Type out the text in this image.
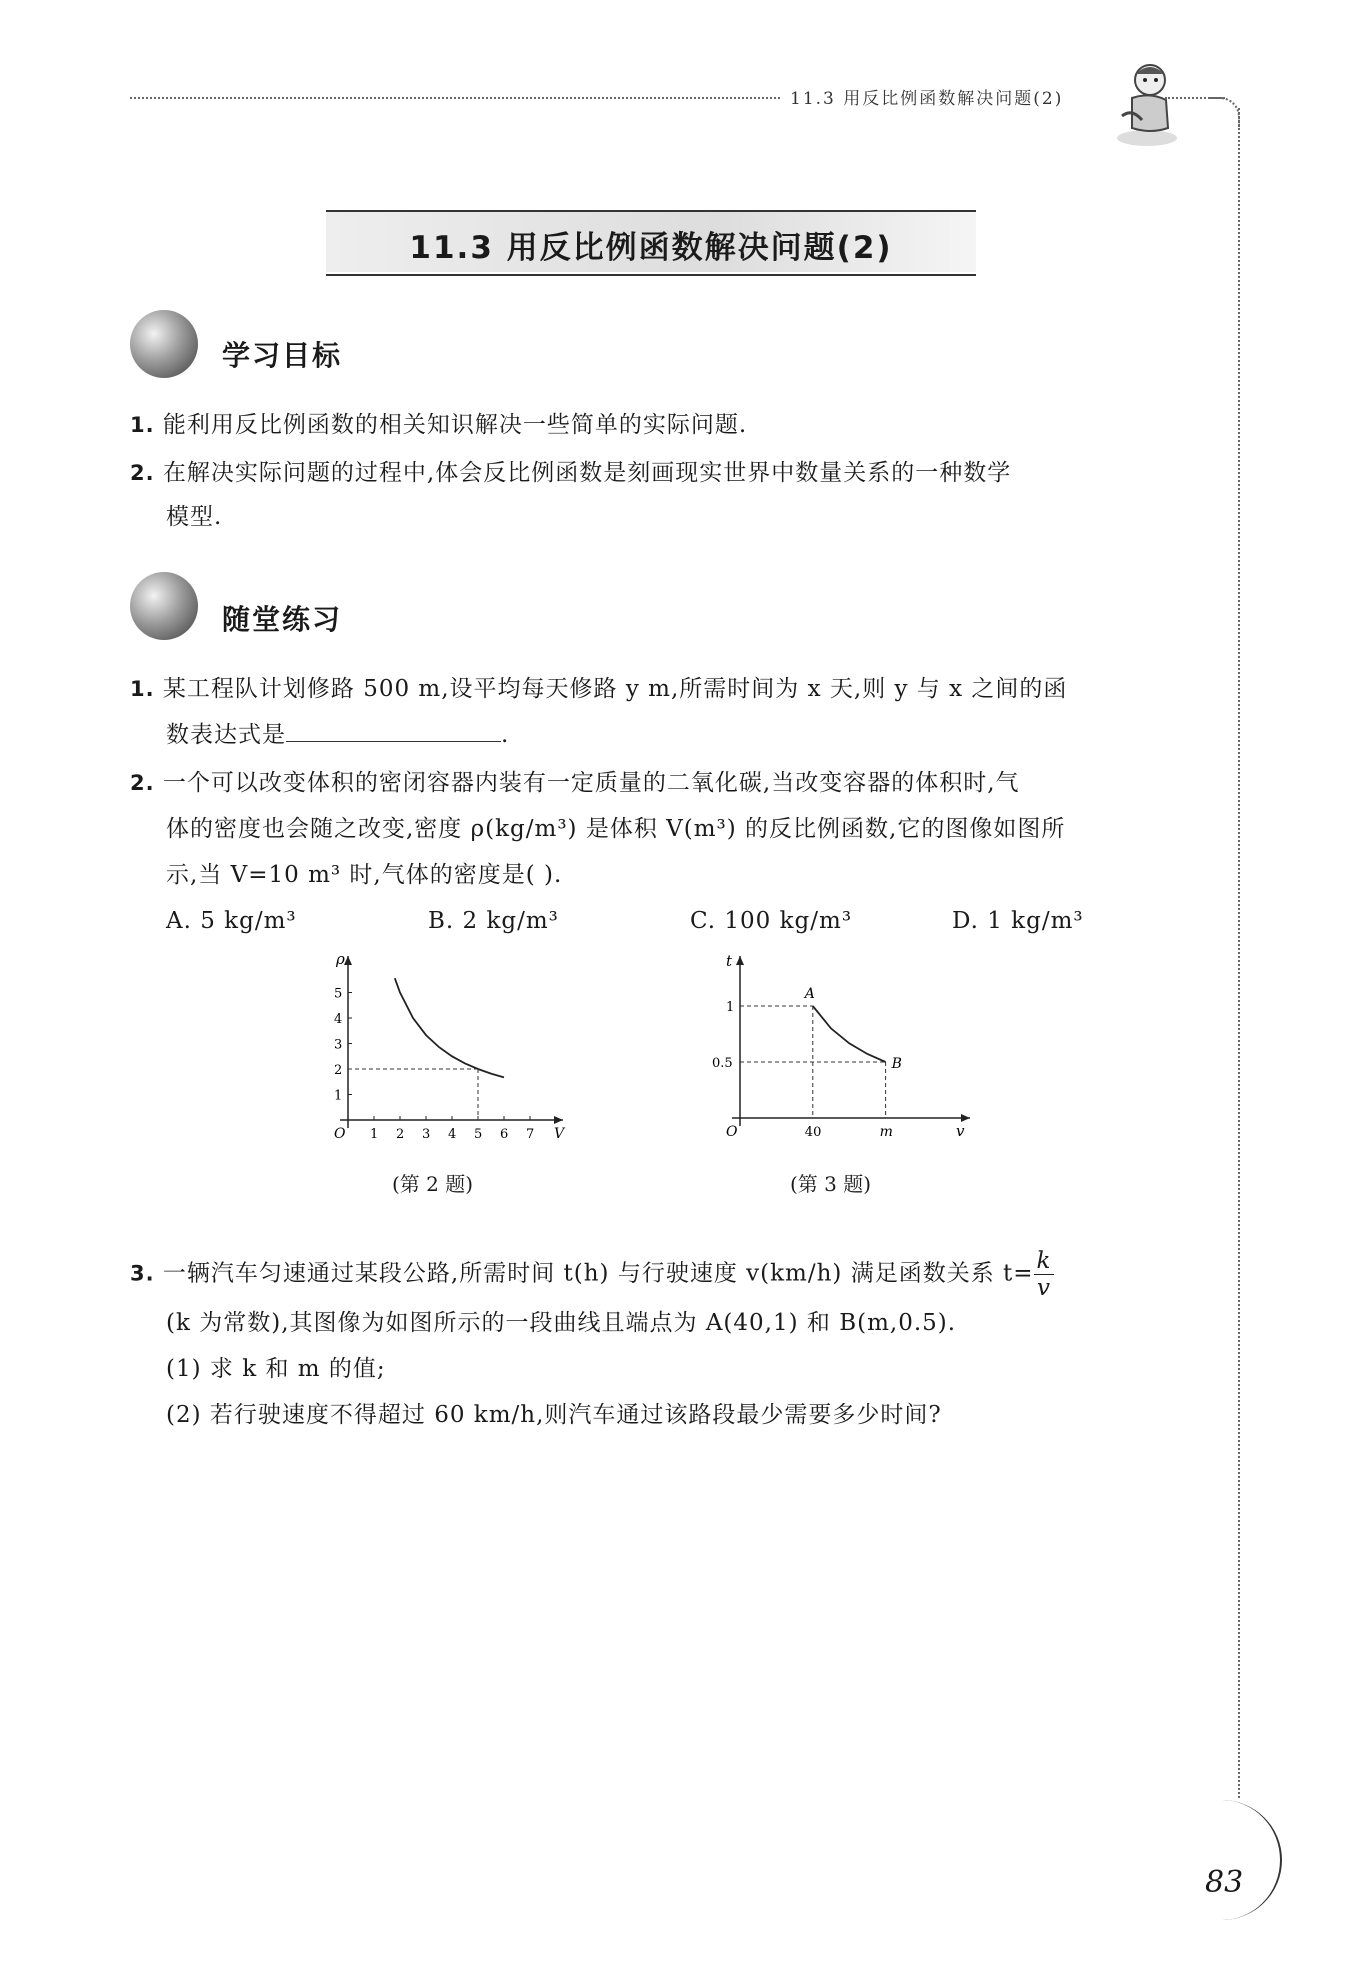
11.3 用反比例函数解决问题(2)
11.3 用反比例函数解决问题(2)
学习目标
1. 能利用反比例函数的相关知识解决一些简单的实际问题.
2. 在解决实际问题的过程中,体会反比例函数是刻画现实世界中数量关系的一种数学
模型.
随堂练习
1. 某工程队计划修路 500 m,设平均每天修路 y m,所需时间为 x 天,则 y 与 x 之间的函
数表达式是	.
2. 一个可以改变体积的密闭容器内装有一定质量的二氧化碳,当改变容器的体积时,气
体的密度也会随之改变,密度 ρ(kg/m³) 是体积 V(m³) 的反比例函数,它的图像如图所
示,当 V=10 m³ 时,气体的密度是( ).
A. 5 kg/m³	B. 2 kg/m³	C. 100 kg/m³	D. 1 kg/m³
O
ρ
V
1 2 3 4 5 6 7
1
2
3
4
5
(第 2 题)
O
t
v
A
B
40	m
0.5
1
(第 3 题)
3. 一辆汽车匀速通过某段公路,所需时间 t(h) 与行驶速度 v(km/h) 满足函数关系 $t= \frac{k}{v}$
(k 为常数),其图像为如图所示的一段曲线且端点为 A(40,1) 和 B(m,0.5).
(1) 求 k 和 m 的值;
(2) 若行驶速度不得超过 60 km/h,则汽车通过该路段最少需要多少时间?
83
